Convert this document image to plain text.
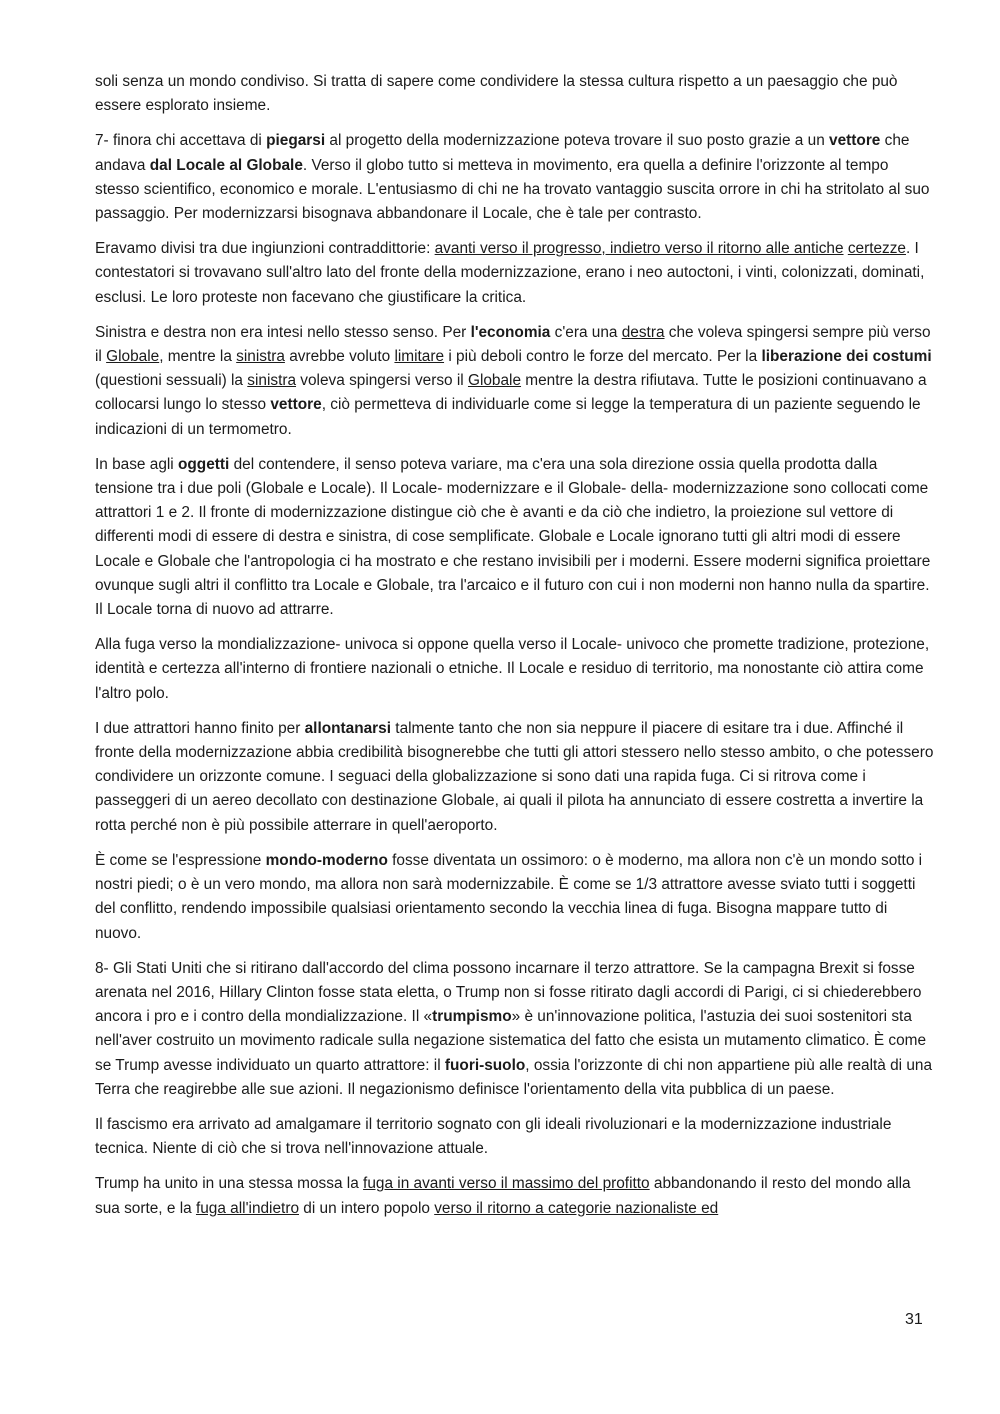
soli senza un mondo condiviso. Si tratta di sapere come condividere la stessa cultura rispetto a un paesaggio che può essere esplorato insieme.

7- finora chi accettava di piegarsi al progetto della modernizzazione poteva trovare il suo posto grazie a un vettore che andava dal Locale al Globale. Verso il globo tutto si metteva in movimento, era quella a definire l'orizzonte al tempo stesso scientifico, economico e morale. L'entusiasmo di chi ne ha trovato vantaggio suscita orrore in chi ha stritolato al suo passaggio. Per modernizzarsi bisognava abbandonare il Locale, che è tale per contrasto.

Eravamo divisi tra due ingiunzioni contraddittorie: avanti verso il progresso, indietro verso il ritorno alle antiche certezze. I contestatori si trovavano sull'altro lato del fronte della modernizzazione, erano i neo autoctoni, i vinti, colonizzati, dominati, esclusi. Le loro proteste non facevano che giustificare la critica.

Sinistra e destra non era intesi nello stesso senso. Per l'economia c'era una destra che voleva spingersi sempre più verso il Globale, mentre la sinistra avrebbe voluto limitare i più deboli contro le forze del mercato. Per la liberazione dei costumi (questioni sessuali) la sinistra voleva spingersi verso il Globale mentre la destra rifiutava. Tutte le posizioni continuavano a collocarsi lungo lo stesso vettore, ciò permetteva di individuarle come si legge la temperatura di un paziente seguendo le indicazioni di un termometro.

In base agli oggetti del contendere, il senso poteva variare, ma c'era una sola direzione ossia quella prodotta dalla tensione tra i due poli (Globale e Locale). Il Locale- modernizzare e il Globale- della- modernizzazione sono collocati come attrattori 1 e 2. Il fronte di modernizzazione distingue ciò che è avanti e da ciò che indietro, la proiezione sul vettore di differenti modi di essere di destra e sinistra, di cose semplificate. Globale e Locale ignorano tutti gli altri modi di essere Locale e Globale che l'antropologia ci ha mostrato e che restano invisibili per i moderni. Essere moderni significa proiettare ovunque sugli altri il conflitto tra Locale e Globale, tra l'arcaico e il futuro con cui i non moderni non hanno nulla da spartire. Il Locale torna di nuovo ad attrarre.

Alla fuga verso la mondializzazione- univoca si oppone quella verso il Locale- univoco che promette tradizione, protezione, identità e certezza all'interno di frontiere nazionali o etniche. Il Locale e residuo di territorio, ma nonostante ciò attira come l'altro polo.

I due attrattori hanno finito per allontanarsi talmente tanto che non sia neppure il piacere di esitare tra i due. Affinché il fronte della modernizzazione abbia credibilità bisognerebbe che tutti gli attori stessero nello stesso ambito, o che potessero condividere un orizzonte comune. I seguaci della globalizzazione si sono dati una rapida fuga. Ci si ritrova come i passeggeri di un aereo decollato con destinazione Globale, ai quali il pilota ha annunciato di essere costretta a invertire la rotta perché non è più possibile atterrare in quell'aeroporto.

È come se l'espressione mondo-moderno fosse diventata un ossimoro: o è moderno, ma allora non c'è un mondo sotto i nostri piedi; o è un vero mondo, ma allora non sarà modernizzabile. È come se 1/3 attrattore avesse sviato tutti i soggetti del conflitto, rendendo impossibile qualsiasi orientamento secondo la vecchia linea di fuga. Bisogna mappare tutto di nuovo.

8- Gli Stati Uniti che si ritirano dall'accordo del clima possono incarnare il terzo attrattore. Se la campagna Brexit si fosse arenata nel 2016, Hillary Clinton fosse stata eletta, o Trump non si fosse ritirato dagli accordi di Parigi, ci si chiederebbero ancora i pro e i contro della mondializzazione. Il «trumpismo» è un'innovazione politica, l'astuzia dei suoi sostenitori sta nell'aver costruito un movimento radicale sulla negazione sistematica del fatto che esista un mutamento climatico. È come se Trump avesse individuato un quarto attrattore: il fuori-suolo, ossia l'orizzonte di chi non appartiene più alle realtà di una Terra che reagirebbe alle sue azioni. Il negazionismo definisce l'orientamento della vita pubblica di un paese.

Il fascismo era arrivato ad amalgamare il territorio sognato con gli ideali rivoluzionari e la modernizzazione industriale tecnica. Niente di ciò che si trova nell'innovazione attuale.

Trump ha unito in una stessa mossa la fuga in avanti verso il massimo del profitto abbandonando il resto del mondo alla sua sorte, e la fuga all'indietro di un intero popolo verso il ritorno a categorie nazionaliste ed

31
